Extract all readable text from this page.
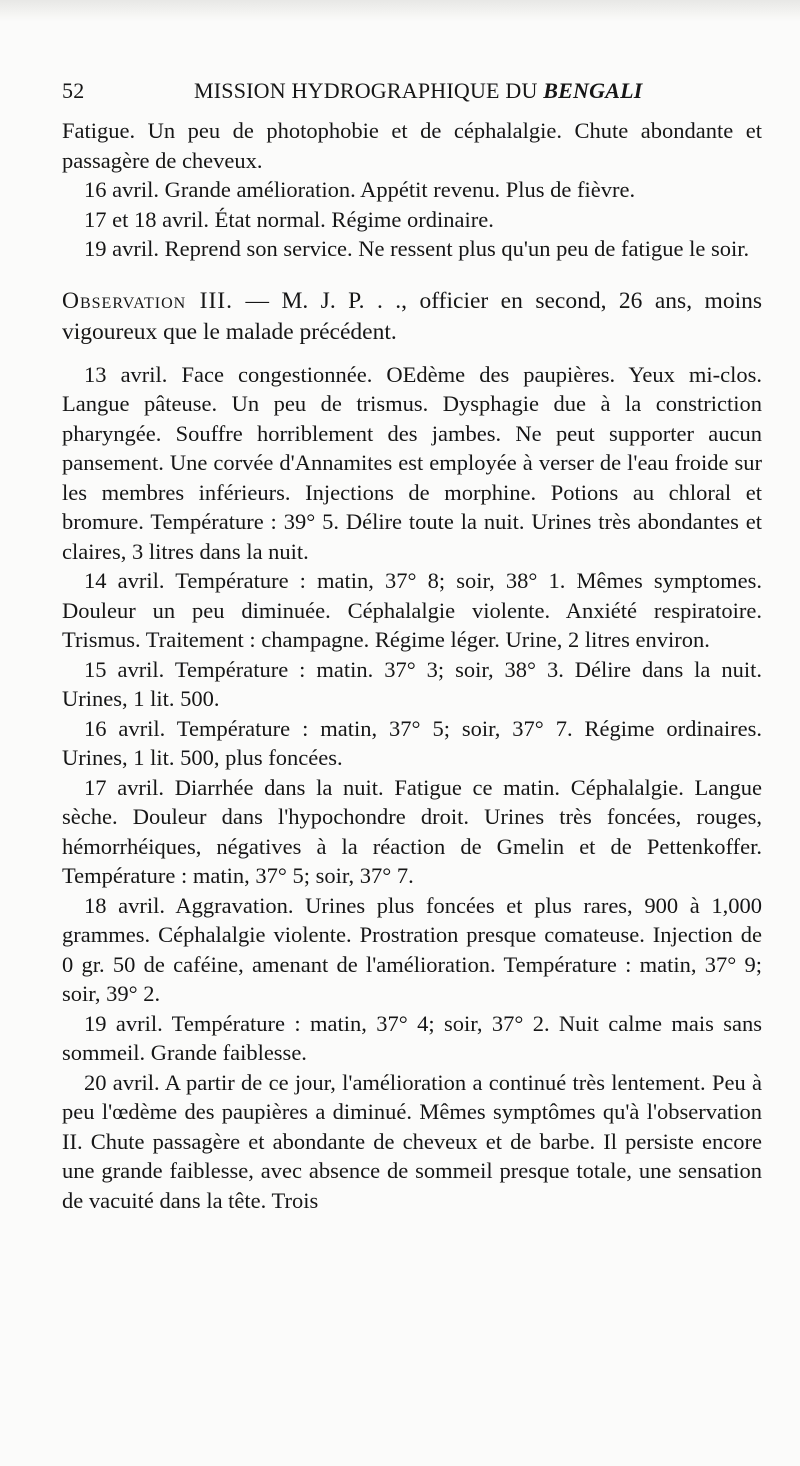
52	MISSION HYDROGRAPHIQUE DU BENGALI

Fatigue. Un peu de photophobie et de céphalalgie. Chute abondante et passagère de cheveux.

16 avril. Grande amélioration. Appétit revenu. Plus de fièvre.

17 et 18 avril. État normal. Régime ordinaire.

19 avril. Reprend son service. Ne ressent plus qu'un peu de fatigue le soir.

Observation III. — M. J. P. . ., officier en second, 26 ans, moins vigoureux que le malade précédent.

13 avril. Face congestionnée. OEdème des paupières. Yeux mi-clos. Langue pâteuse. Un peu de trismus. Dysphagie due à la constriction pharyngée. Souffre horriblement des jambes. Ne peut supporter aucun pansement. Une corvée d'Annamites est employée à verser de l'eau froide sur les membres inférieurs. Injections de morphine. Potions au chloral et bromure. Température : 39° 5. Délire toute la nuit. Urines très abondantes et claires, 3 litres dans la nuit.

14 avril. Température : matin, 37° 8; soir, 38° 1. Mêmes symptomes. Douleur un peu diminuée. Céphalalgie violente. Anxiété respiratoire. Trismus. Traitement : champagne. Régime léger. Urine, 2 litres environ.

15 avril. Température : matin. 37° 3; soir, 38° 3. Délire dans la nuit. Urines, 1 lit. 500.

16 avril. Température : matin, 37° 5; soir, 37° 7. Régime ordinaires. Urines, 1 lit. 500, plus foncées.

17 avril. Diarrhée dans la nuit. Fatigue ce matin. Céphalalgie. Langue sèche. Douleur dans l'hypochondre droit. Urines très foncées, rouges, hémorrhéiques, négatives à la réaction de Gmelin et de Pettenkoffer. Température : matin, 37° 5; soir, 37° 7.

18 avril. Aggravation. Urines plus foncées et plus rares, 900 à 1,000 grammes. Céphalalgie violente. Prostration presque comateuse. Injection de 0 gr. 50 de caféine, amenant de l'amélioration. Température : matin, 37° 9; soir, 39° 2.

19 avril. Température : matin, 37° 4; soir, 37° 2. Nuit calme mais sans sommeil. Grande faiblesse.

20 avril. A partir de ce jour, l'amélioration a continué très lentement. Peu à peu l'œdème des paupières a diminué. Mêmes symptômes qu'à l'observation II. Chute passagère et abondante de cheveux et de barbe. Il persiste encore une grande faiblesse, avec absence de sommeil presque totale, une sensation de vacuité dans la tête. Trois
